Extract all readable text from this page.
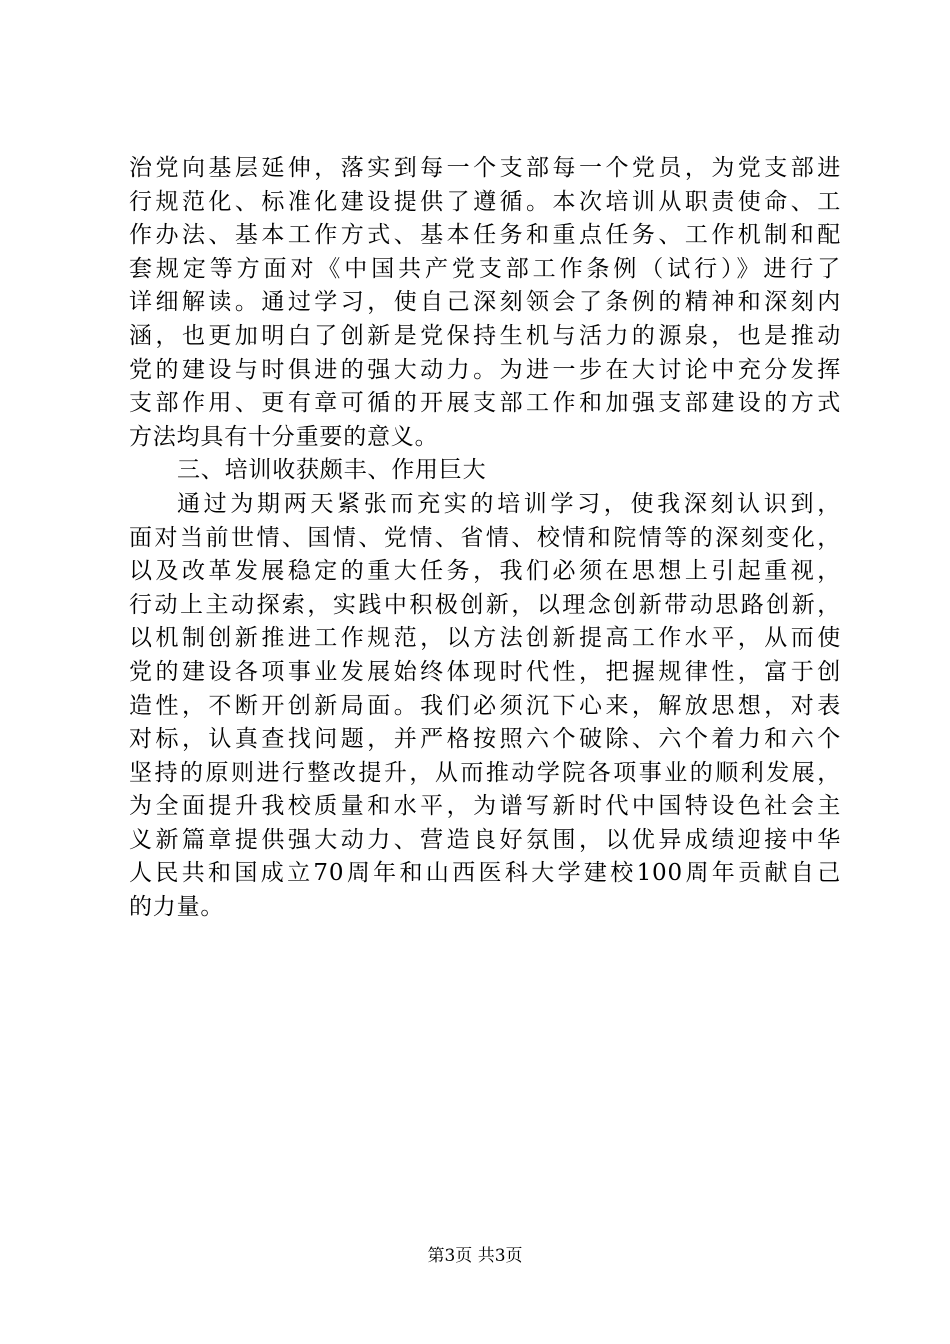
治党向基层延伸，落实到每一个支部每一个党员，为党支部进
行规范化、标准化建设提供了遵循。本次培训从职责使命、工
作办法、基本工作方式、基本任务和重点任务、工作机制和配
套规定等方面对《中国共产党支部工作条例（试行）》进行了
详细解读。通过学习，使自己深刻领会了条例的精神和深刻内
涵，也更加明白了创新是党保持生机与活力的源泉，也是推动
党的建设与时俱进的强大动力。为进一步在大讨论中充分发挥
支部作用、更有章可循的开展支部工作和加强支部建设的方式
方法均具有十分重要的意义。
三、培训收获颇丰、作用巨大
通过为期两天紧张而充实的培训学习，使我深刻认识到，
面对当前世情、国情、党情、省情、校情和院情等的深刻变化，
以及改革发展稳定的重大任务，我们必须在思想上引起重视，
行动上主动探索，实践中积极创新，以理念创新带动思路创新，
以机制创新推进工作规范，以方法创新提高工作水平，从而使
党的建设各项事业发展始终体现时代性，把握规律性，富于创
造性，不断开创新局面。我们必须沉下心来，解放思想，对表
对标，认真查找问题，并严格按照六个破除、六个着力和六个
坚持的原则进行整改提升，从而推动学院各项事业的顺利发展，
为全面提升我校质量和水平，为谱写新时代中国特设色社会主
义新篇章提供强大动力、营造良好氛围，以优异成绩迎接中华
人民共和国成立70周年和山西医科大学建校100周年贡献自己
的力量。
第3页 共3页
